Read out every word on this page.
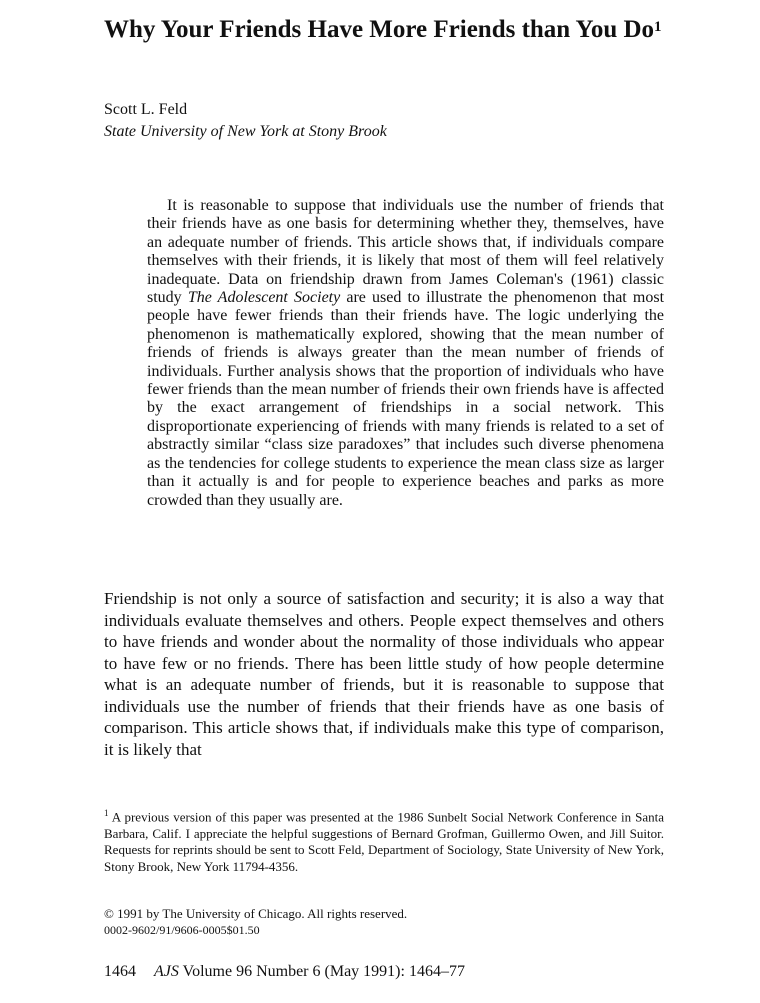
Why Your Friends Have More Friends than You Do$^1$
Scott L. Feld
State University of New York at Stony Brook

It is reasonable to suppose that individuals use the number of friends that their friends have as one basis for determining whether they, themselves, have an adequate number of friends. This article shows that, if individuals compare themselves with their friends, it is likely that most of them will feel relatively inadequate. Data on friendship drawn from James Coleman's (1961) classic study The Adolescent Society are used to illustrate the phenomenon that most people have fewer friends than their friends have. The logic underlying the phenomenon is mathematically explored, showing that the mean number of friends of friends is always greater than the mean number of friends of individuals. Further analysis shows that the proportion of individuals who have fewer friends than the mean number of friends their own friends have is affected by the exact arrangement of friendships in a social network. This disproportionate experiencing of friends with many friends is related to a set of abstractly similar “class size paradoxes” that includes such diverse phenomena as the tendencies for college students to experience the mean class size as larger than it actually is and for people to experience beaches and parks as more crowded than they usually are.

Friendship is not only a source of satisfaction and security; it is also a way that individuals evaluate themselves and others. People expect themselves and others to have friends and wonder about the normality of those individuals who appear to have few or no friends. There has been little study of how people determine what is an adequate number of friends, but it is reasonable to suppose that individuals use the number of friends that their friends have as one basis of comparison. This article shows that, if individuals make this type of comparison, it is likely that

$^1$ A previous version of this paper was presented at the 1986 Sunbelt Social Network Conference in Santa Barbara, Calif. I appreciate the helpful suggestions of Bernard Grofman, Guillermo Owen, and Jill Suitor. Requests for reprints should be sent to Scott Feld, Department of Sociology, State University of New York, Stony Brook, New York 11794-4356.

© 1991 by The University of Chicago. All rights reserved.
0002-9602/91/9606-0005$01.50
1464 AJS Volume 96 Number 6 (May 1991): 1464–77
